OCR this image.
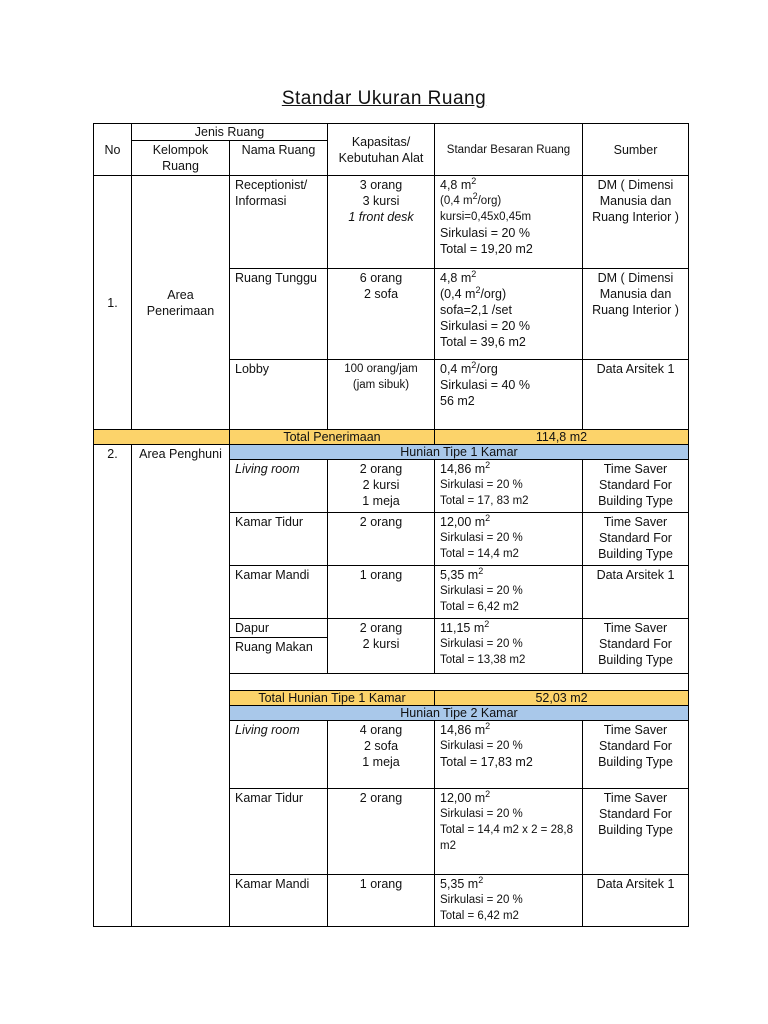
Standar Ukuran Ruang
No	Jenis Ruang		Kapasitas/ Kebutuhan Alat	Standar Besaran Ruang	Sumber
	Kelompok Ruang	Nama Ruang			
1.	Area Penerimaan	Receptionist/ Informasi	3 orang
3 kursi
1 front desk	4,8 $m^2$
(0,4 $m^2/org$)
kursi=0,45x0,45m
Sirkulasi = 20 %
Total = 19,20 m2	DM ( Dimensi Manusia dan Ruang Interior )
		Ruang Tunggu	6 orang
2 sofa	4,8 $m^2$
(0,4 $m^2/org$)
sofa=2,1 /set
Sirkulasi = 20 %
Total = 39,6 m2	DM ( Dimensi Manusia dan Ruang Interior )
		Lobby	100 orang/jam (jam sibuk)	0,4 $m^2$/org
Sirkulasi = 40 %
56 m2	Data Arsitek 1
		Total Penerimaan		114,8 m2	
2.	Area Penghuni	Hunian Tipe 1 Kamar			
		Living room	2 orang
2 kursi
1 meja	14,86 $m^2$
Sirkulasi = 20 %
Total = 17, 83 m2	Time Saver Standard For Building Type
		Kamar Tidur	2 orang	12,00 $m^2$
Sirkulasi = 20 %
Total = 14,4 m2	Time Saver Standard For Building Type
		Kamar Mandi	1 orang	5,35 $m^2$
Sirkulasi = 20 %
Total = 6,42 m2	Data Arsitek 1
		Dapur	2 orang
2 kursi	11,15 $m^2$
Sirkulasi = 20 %
Total = 13,38 m2	Time Saver Standard For Building Type
		Ruang Makan			

		Total Hunian Tipe 1 Kamar		52,03 m2	
		Hunian Tipe 2 Kamar			
		Living room	4 orang
2 sofa
1 meja	14,86 $m^2$
Sirkulasi = 20 %
Total = 17,83 m2	Time Saver Standard For Building Type
		Kamar Tidur	2 orang	12,00 $m^2$
Sirkulasi = 20 %
Total = 14,4 m2 x 2 = 28,8 m2	Time Saver Standard For Building Type
		Kamar Mandi	1 orang	5,35 $m^2$
Sirkulasi = 20 %
Total = 6,42 m2	Data Arsitek 1
